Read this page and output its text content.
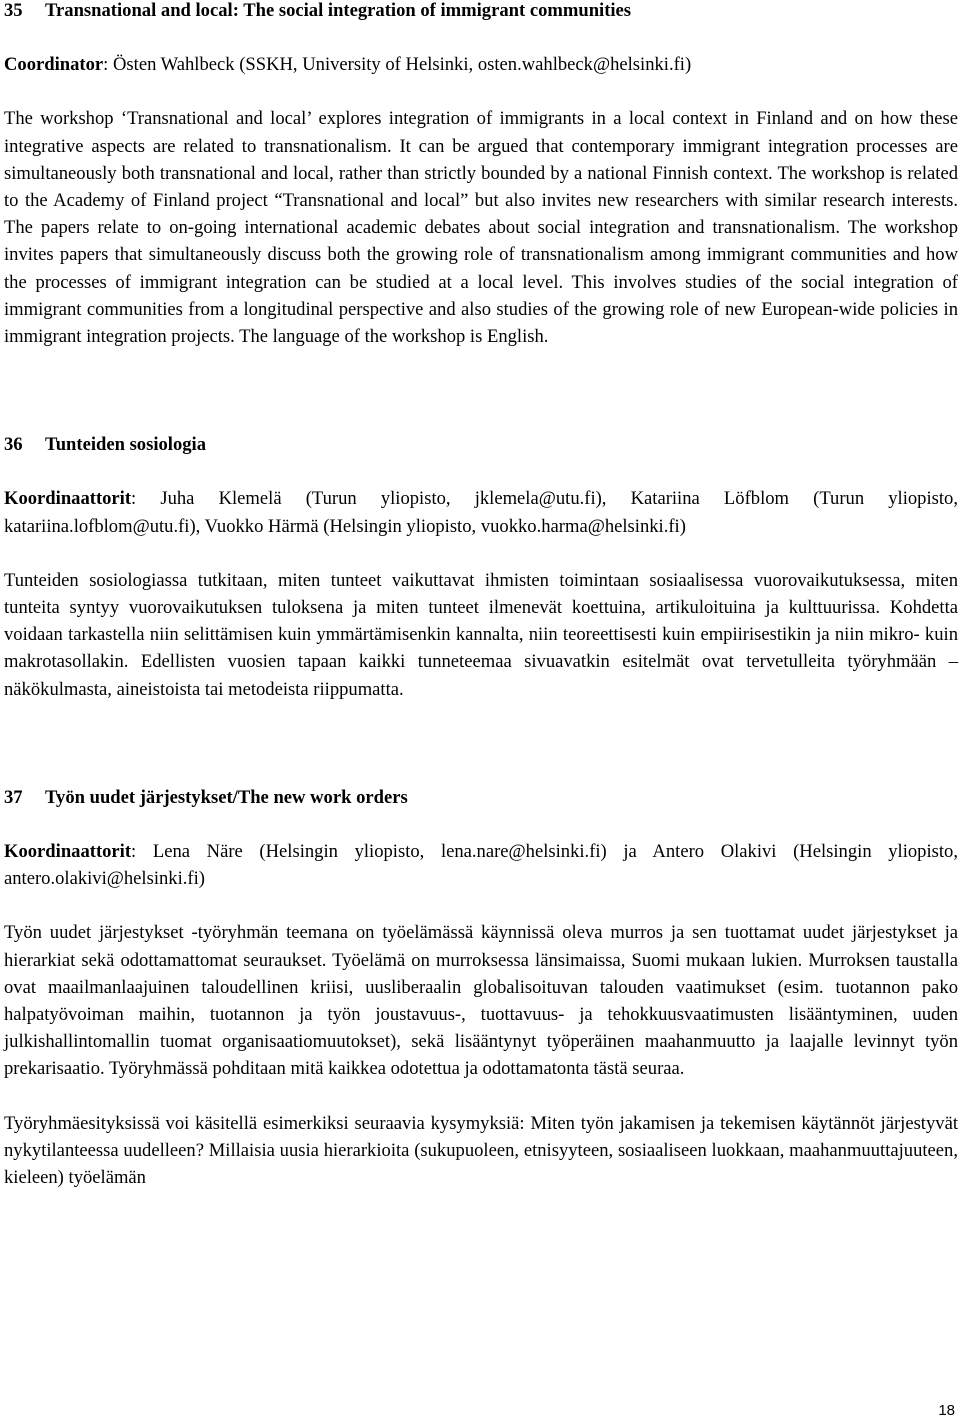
35 Transnational and local: The social integration of immigrant communities

Coordinator: Östen Wahlbeck (SSKH, University of Helsinki, osten.wahlbeck@helsinki.fi)

The workshop ‘Transnational and local’ explores integration of immigrants in a local context in Finland and on how these integrative aspects are related to transnationalism. It can be argued that contemporary immigrant integration processes are simultaneously both transnational and local, rather than strictly bounded by a national Finnish context. The workshop is related to the Academy of Finland project “Transnational and local” but also invites new researchers with similar research interests. The papers relate to on-going international academic debates about social integration and transnationalism. The workshop invites papers that simultaneously discuss both the growing role of transnationalism among immigrant communities and how the processes of immigrant integration can be studied at a local level. This involves studies of the social integration of immigrant communities from a longitudinal perspective and also studies of the growing role of new European-wide policies in immigrant integration projects. The language of the workshop is English.

36 Tunteiden sosiologia

Koordinaattorit: Juha Klemelä (Turun yliopisto, jklemela@utu.fi), Katariina Löfblom (Turun yliopisto, katariina.lofblom@utu.fi), Vuokko Härmä (Helsingin yliopisto, vuokko.harma@helsinki.fi)

Tunteiden sosiologiassa tutkitaan, miten tunteet vaikuttavat ihmisten toimintaan sosiaalisessa vuorovaikutuksessa, miten tunteita syntyy vuorovaikutuksen tuloksena ja miten tunteet ilmenevät koettuina, artikuloituina ja kulttuurissa. Kohdetta voidaan tarkastella niin selittämisen kuin ymmärtämisenkin kannalta, niin teoreettisesti kuin empiirisestikin ja niin mikro- kuin makrotasollakin. Edellisten vuosien tapaan kaikki tunneteemaa sivuavatkin esitelmät ovat tervetulleita työryhmään – näkökulmasta, aineistoista tai metodeista riippumatta.

37 Työn uudet järjestykset/The new work orders

Koordinaattorit: Lena Näre (Helsingin yliopisto, lena.nare@helsinki.fi) ja Antero Olakivi (Helsingin yliopisto, antero.olakivi@helsinki.fi)

Työn uudet järjestykset -työryhmän teemana on työelämässä käynnissä oleva murros ja sen tuottamat uudet järjestykset ja hierarkiat sekä odottamattomat seuraukset. Työelämä on murroksessa länsimaissa, Suomi mukaan lukien. Murroksen taustalla ovat maailmanlaajuinen taloudellinen kriisi, uusliberaalin globalisoituvan talouden vaatimukset (esim. tuotannon pako halpatyövoiman maihin, tuotannon ja työn joustavuus-, tuottavuus- ja tehokkuusvaatimusten lisääntyminen, uuden julkishallintomallin tuomat organisaatiomuutokset), sekä lisääntynyt työperäinen maahanmuutto ja laajalle levinnyt työn prekarisaatio. Työryhmässä pohditaan mitä kaikkea odotettua ja odottamatonta tästä seuraa.

Työryhmäesityksissä voi käsitellä esimerkiksi seuraavia kysymyksiä: Miten työn jakamisen ja tekemisen käytännöt järjestyvät nykytilanteessa uudelleen? Millaisia uusia hierarkioita (sukupuoleen, etnisyyteen, sosiaaliseen luokkaan, maahanmuuttajuuteen, kieleen) työelämän

18
